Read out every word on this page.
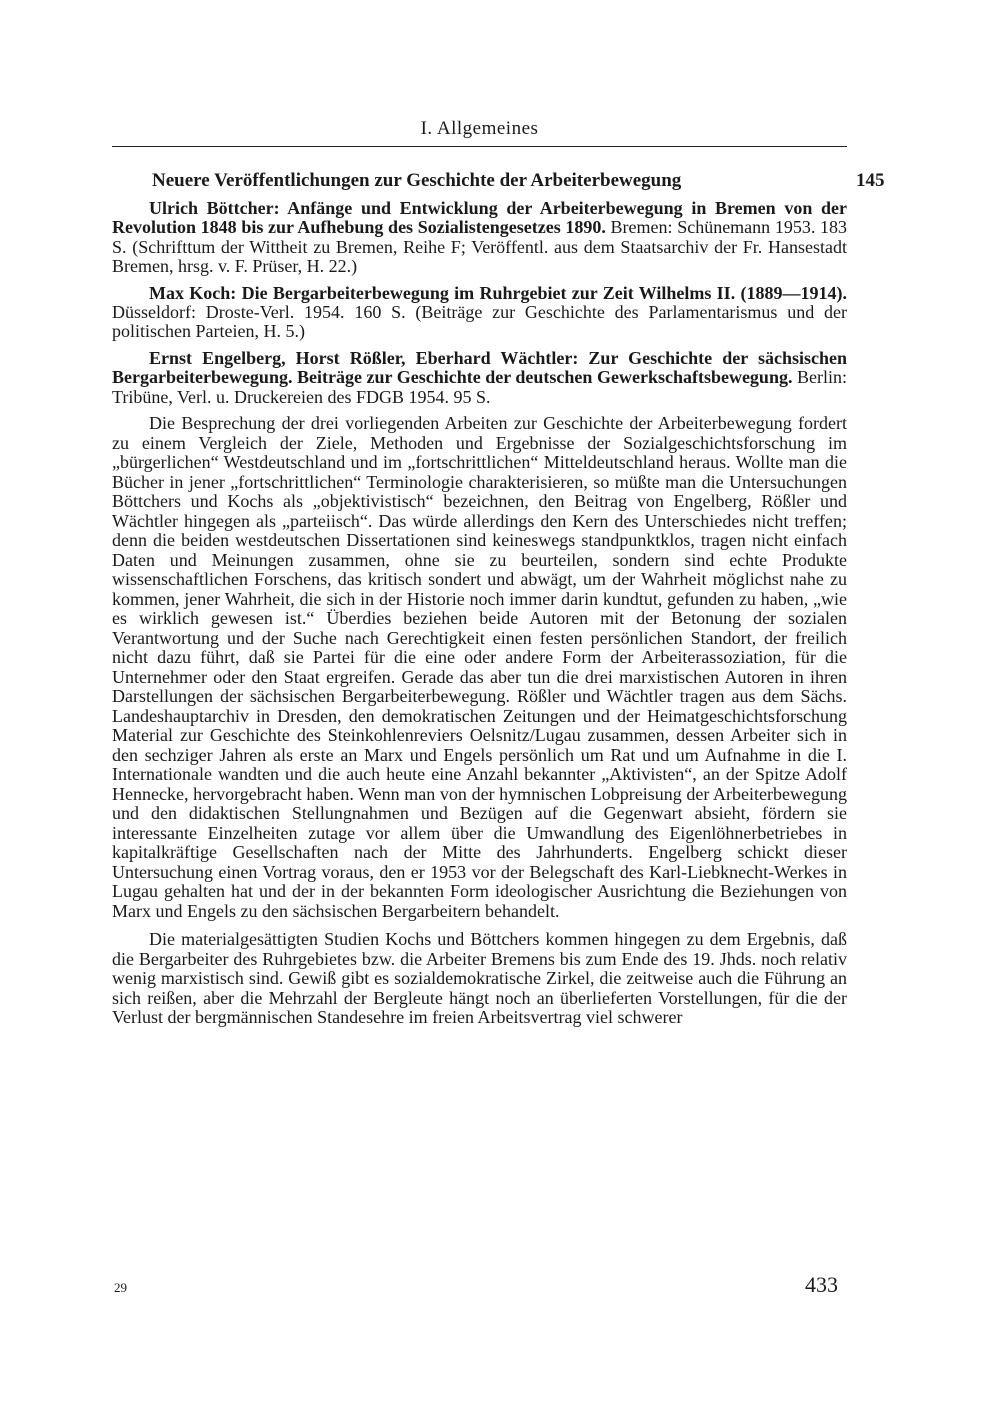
I. Allgemeines
Neuere Veröffentlichungen zur Geschichte der Arbeiterbewegung	145

Ulrich Böttcher: Anfänge und Entwicklung der Arbeiterbewegung in Bremen von der Revolution 1848 bis zur Aufhebung des Sozialistengesetzes 1890. Bremen: Schünemann 1953. 183 S. (Schrifttum der Wittheit zu Bremen, Reihe F; Veröffentl. aus dem Staatsarchiv der Fr. Hansestadt Bremen, hrsg. v. F. Prüser, H. 22.)

Max Koch: Die Bergarbeiterbewegung im Ruhrgebiet zur Zeit Wilhelms II. (1889—1914). Düsseldorf: Droste-Verl. 1954. 160 S. (Beiträge zur Geschichte des Parlamentarismus und der politischen Parteien, H. 5.)

Ernst Engelberg, Horst Rößler, Eberhard Wächtler: Zur Geschichte der sächsischen Bergarbeiterbewegung. Beiträge zur Geschichte der deutschen Gewerkschaftsbewegung. Berlin: Tribüne, Verl. u. Druckereien des FDGB 1954. 95 S.

Die Besprechung der drei vorliegenden Arbeiten zur Geschichte der Arbeiterbewegung fordert zu einem Vergleich der Ziele, Methoden und Ergebnisse der Sozialgeschichtsforschung im „bürgerlichen“ Westdeutschland und im „fortschrittlichen“ Mitteldeutschland heraus. Wollte man die Bücher in jener „fortschrittlichen“ Terminologie charakterisieren, so müßte man die Untersuchungen Böttchers und Kochs als „objektivistisch“ bezeichnen, den Beitrag von Engelberg, Rößler und Wächtler hingegen als „parteiisch“. Das würde allerdings den Kern des Unterschiedes nicht treffen; denn die beiden westdeutschen Dissertationen sind keineswegs standpunktklos, tragen nicht einfach Daten und Meinungen zusammen, ohne sie zu beurteilen, sondern sind echte Produkte wissenschaftlichen Forschens, das kritisch sondert und abwägt, um der Wahrheit möglichst nahe zu kommen, jener Wahrheit, die sich in der Historie noch immer darin kundtut, gefunden zu haben, „wie es wirklich gewesen ist.“ Überdies beziehen beide Autoren mit der Betonung der sozialen Verantwortung und der Suche nach Gerechtigkeit einen festen persönlichen Standort, der freilich nicht dazu führt, daß sie Partei für die eine oder andere Form der Arbeiterassoziation, für die Unternehmer oder den Staat ergreifen. Gerade das aber tun die drei marxistischen Autoren in ihren Darstellungen der sächsischen Bergarbeiterbewegung. Rößler und Wächtler tragen aus dem Sächs. Landeshauptarchiv in Dresden, den demokratischen Zeitungen und der Heimatgeschichtsforschung Material zur Geschichte des Steinkohlenreviers Oelsnitz/Lugau zusammen, dessen Arbeiter sich in den sechziger Jahren als erste an Marx und Engels persönlich um Rat und um Aufnahme in die I. Internationale wandten und die auch heute eine Anzahl bekannter „Aktivisten“, an der Spitze Adolf Hennecke, hervorgebracht haben. Wenn man von der hymnischen Lobpreisung der Arbeiterbewegung und den didaktischen Stellungnahmen und Bezügen auf die Gegenwart absieht, fördern sie interessante Einzelheiten zutage vor allem über die Umwandlung des Eigenlöhnerbetriebes in kapitalkräftige Gesellschaften nach der Mitte des Jahrhunderts. Engelberg schickt dieser Untersuchung einen Vortrag voraus, den er 1953 vor der Belegschaft des Karl-Liebknecht-Werkes in Lugau gehalten hat und der in der bekannten Form ideologischer Ausrichtung die Beziehungen von Marx und Engels zu den sächsischen Bergarbeitern behandelt.

Die materialgesättigten Studien Kochs und Böttchers kommen hingegen zu dem Ergebnis, daß die Bergarbeiter des Ruhrgebietes bzw. die Arbeiter Bremens bis zum Ende des 19. Jhds. noch relativ wenig marxistisch sind. Gewiß gibt es sozialdemokratische Zirkel, die zeitweise auch die Führung an sich reißen, aber die Mehrzahl der Bergleute hängt noch an überlieferten Vorstellungen, für die der Verlust der bergmännischen Standesehre im freien Arbeitsvertrag viel schwerer

29	433
